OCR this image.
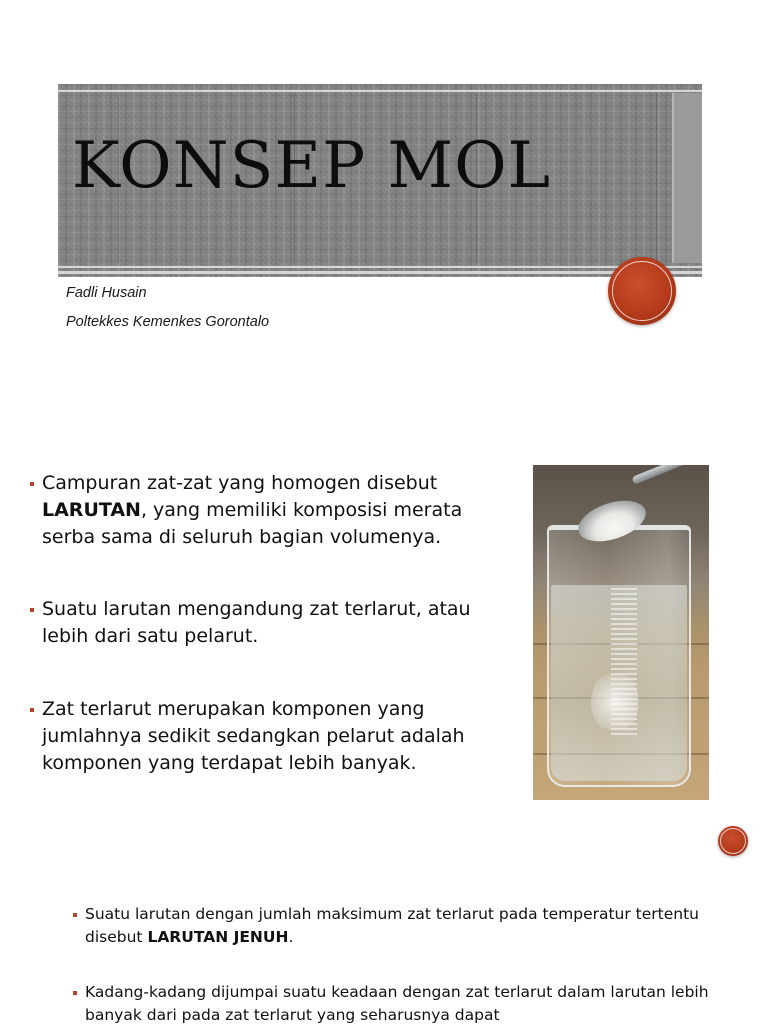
KONSEP MOL
Fadli Husain
Poltekkes Kemenkes Gorontalo
Campuran zat-zat yang homogen disebut LARUTAN, yang memiliki komposisi merata serba sama di seluruh bagian volumenya.
Suatu larutan mengandung zat terlarut, atau lebih dari satu pelarut.
Zat terlarut merupakan komponen yang jumlahnya sedikit sedangkan pelarut adalah komponen yang terdapat lebih banyak.
Suatu larutan dengan jumlah maksimum zat terlarut pada temperatur tertentu disebut LARUTAN JENUH.
Kadang-kadang dijumpai suatu keadaan dengan zat terlarut dalam larutan lebih banyak dari pada zat terlarut yang seharusnya dapat
